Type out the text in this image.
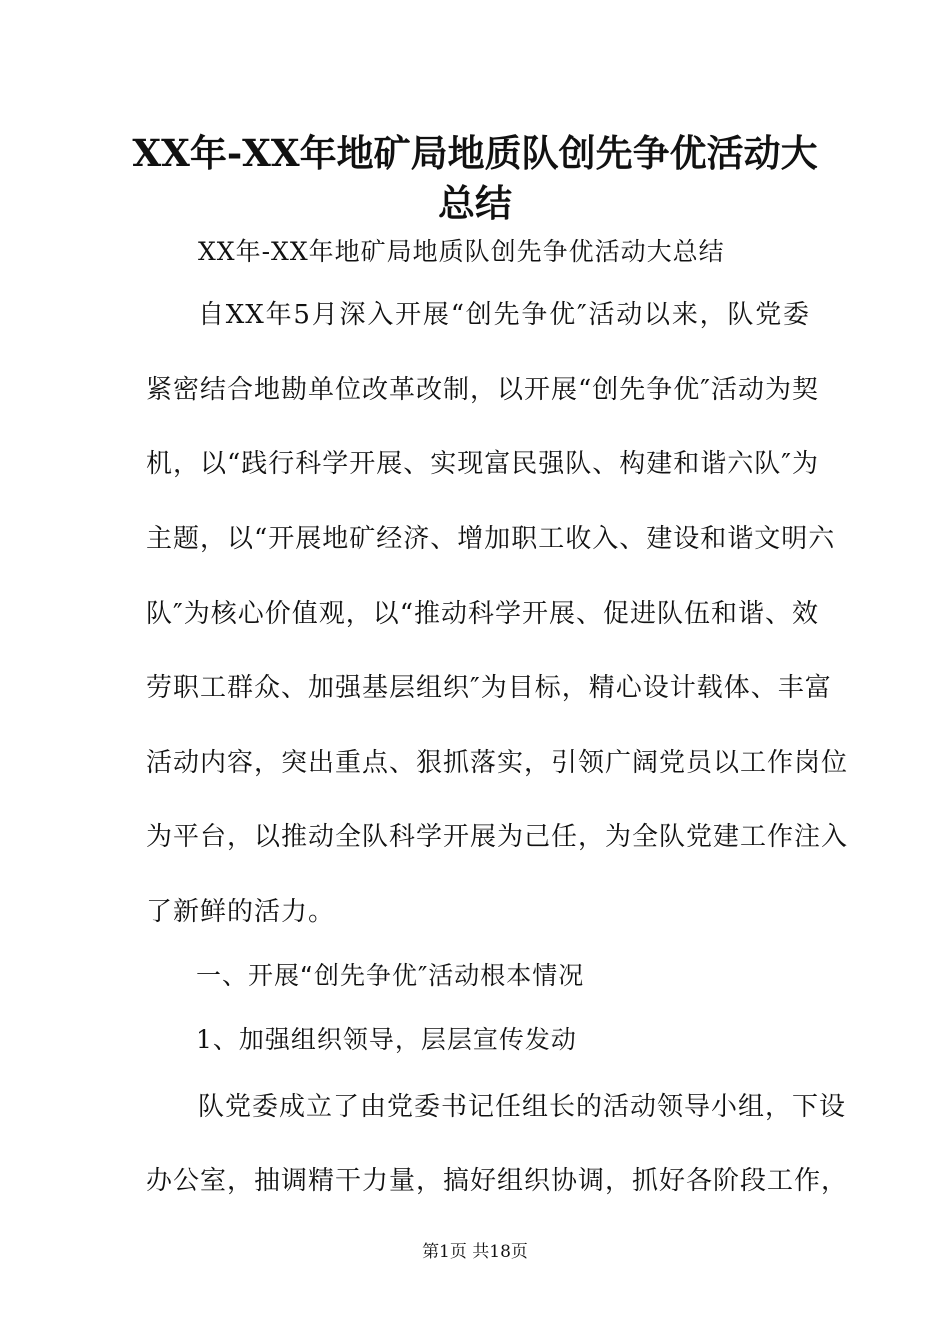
XX年-XX年地矿局地质队创先争优活动大
总结
XX年-XX年地矿局地质队创先争优活动大总结
自XX年5月深入开展“创先争优″活动以来，队党委
紧密结合地勘单位改革改制，以开展“创先争优″活动为契
机，以“践行科学开展、实现富民强队、构建和谐六队″为
主题，以“开展地矿经济、增加职工收入、建设和谐文明六
队″为核心价值观，以“推动科学开展、促进队伍和谐、效
劳职工群众、加强基层组织″为目标，精心设计载体、丰富
活动内容，突出重点、狠抓落实，引领广阔党员以工作岗位
为平台，以推动全队科学开展为己任，为全队党建工作注入
了新鲜的活力。
一、开展“创先争优″活动根本情况
1、加强组织领导，层层宣传发动
队党委成立了由党委书记任组长的活动领导小组，下设
办公室，抽调精干力量，搞好组织协调，抓好各阶段工作，
第1页 共18页
